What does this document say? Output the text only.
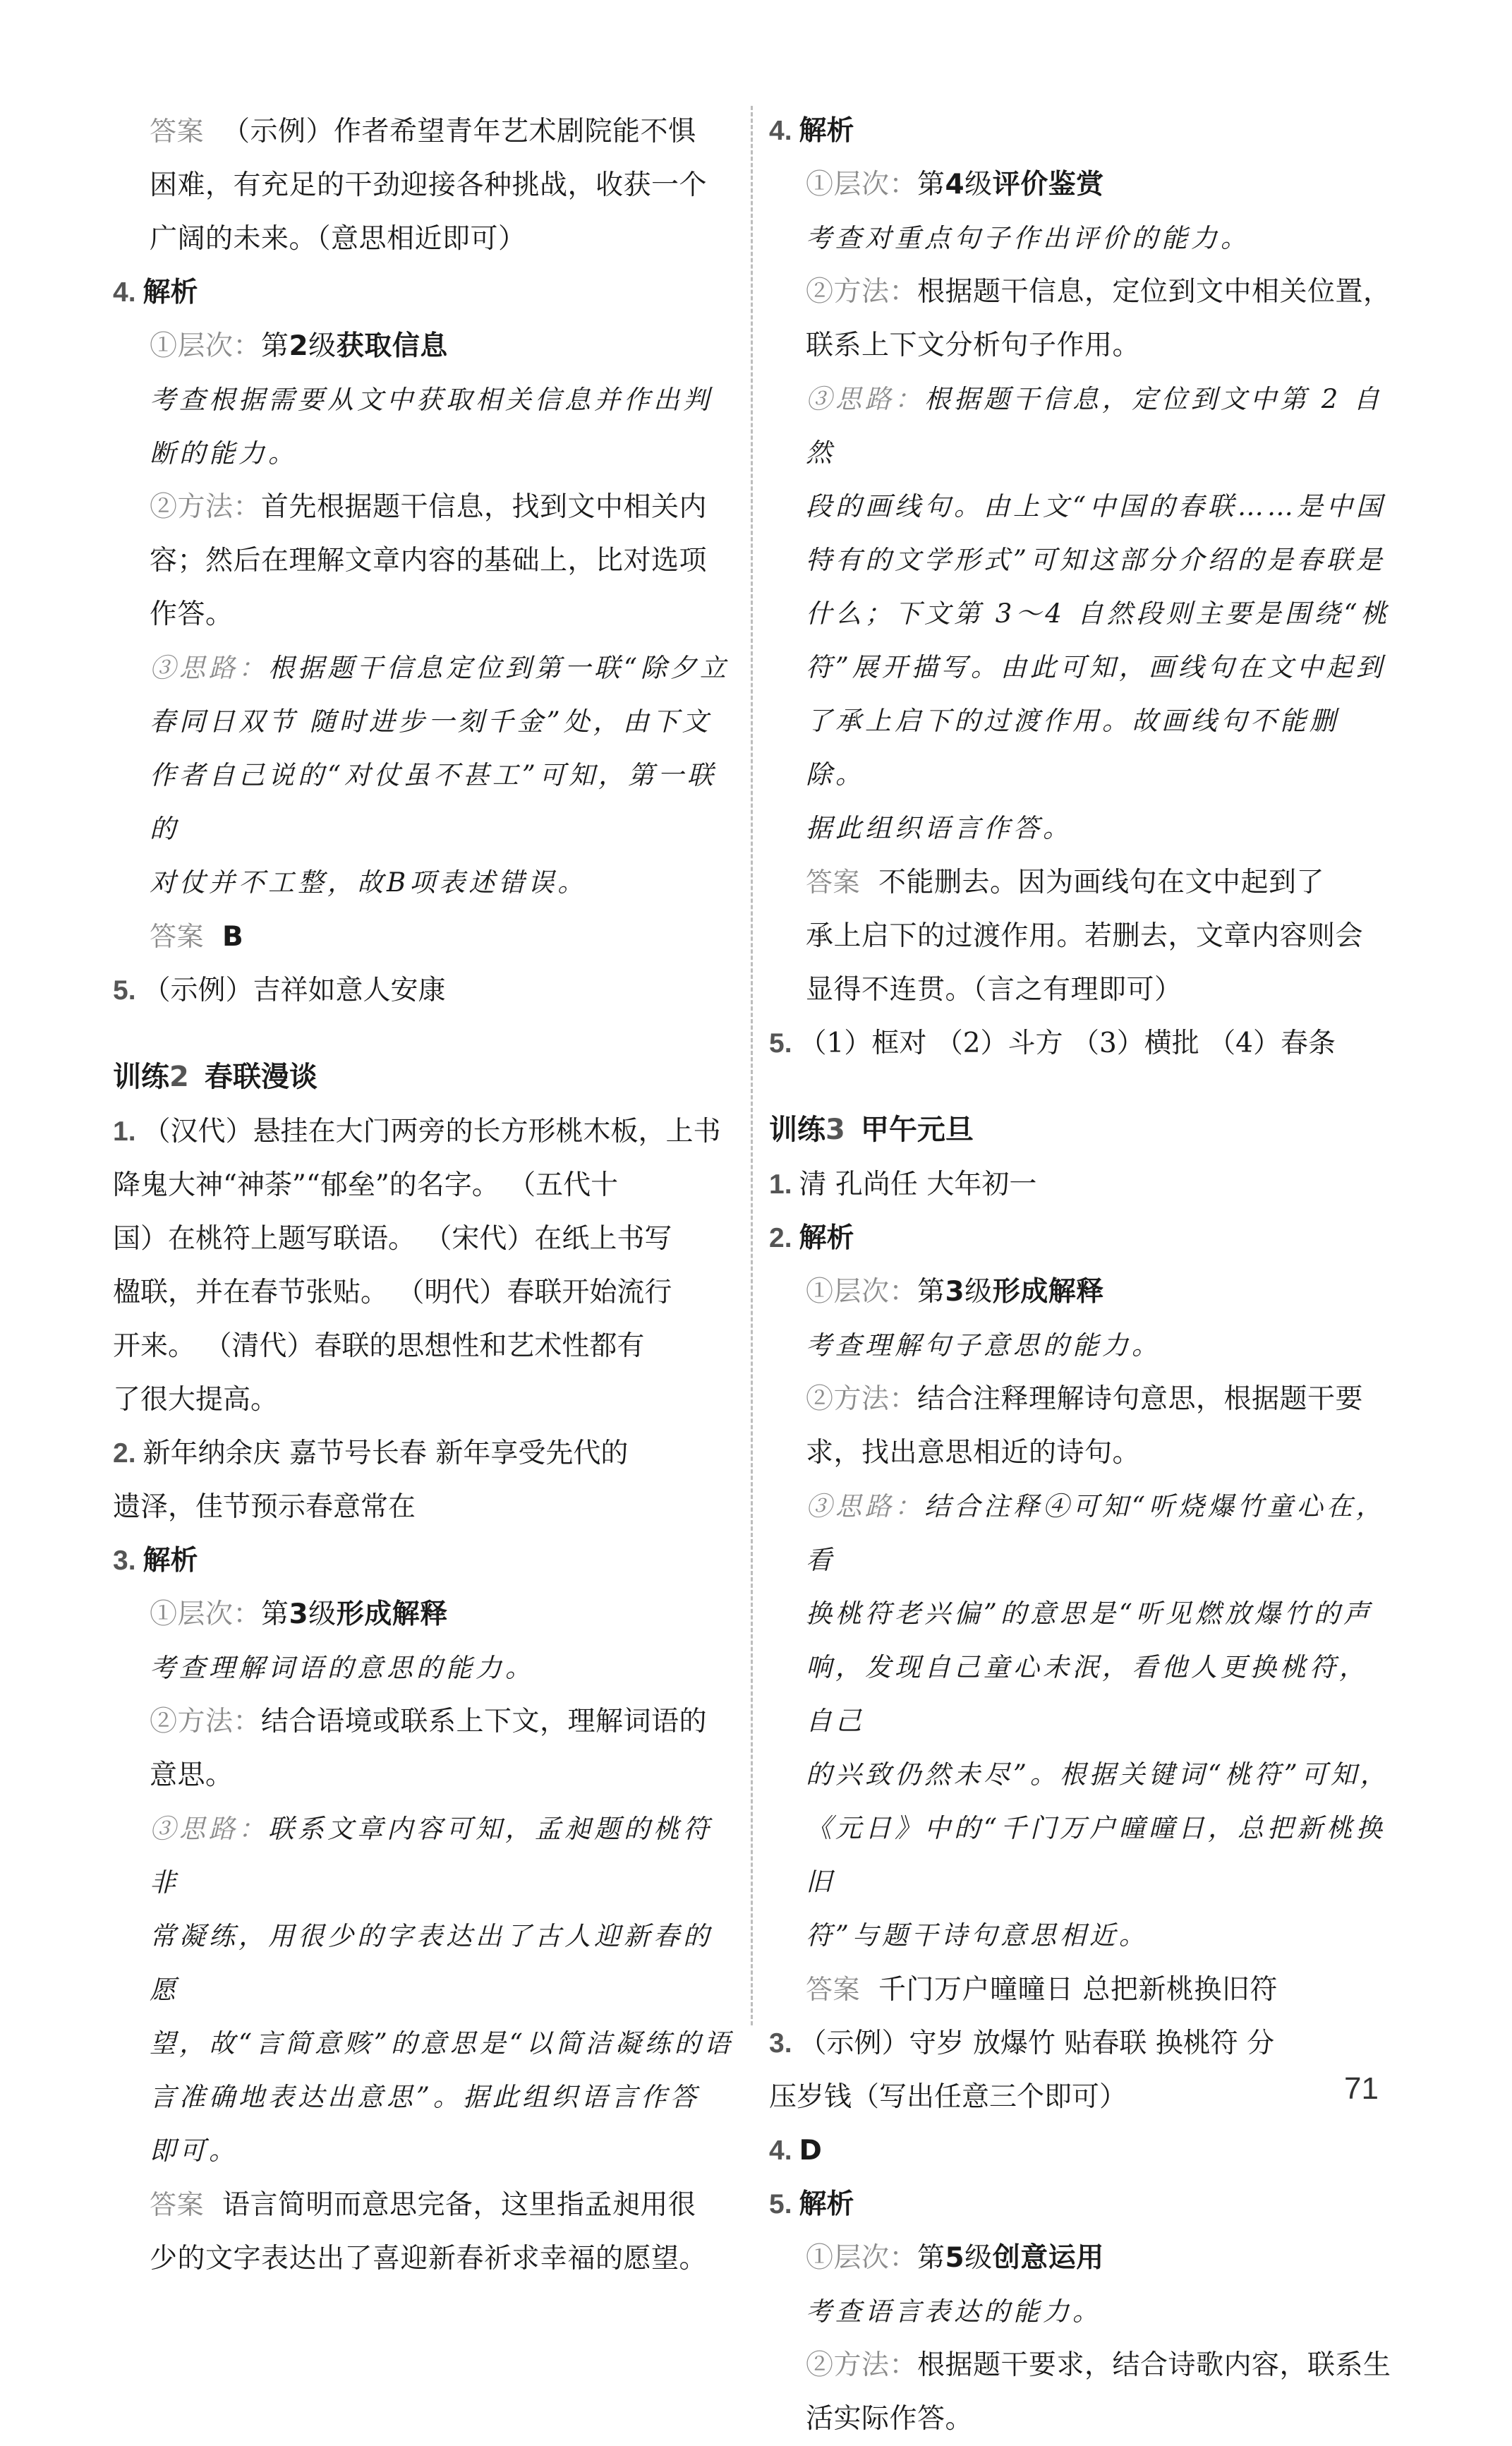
答案 （示例）作者希望青年艺术剧院能不惧

困难，有充足的干劲迎接各种挑战，收获一个

广阔的未来。（意思相近即可）

4. 解析

①层次：第2级获取信息

考查根据需要从文中获取相关信息并作出判

断的能力。

②方法：首先根据题干信息，找到文中相关内

容；然后在理解文章内容的基础上，比对选项

作答。

③思路：根据题干信息定位到第一联“除夕立

春同日双节 随时进步一刻千金”处，由下文

作者自己说的“对仗虽不甚工”可知，第一联的

对仗并不工整，故B项表述错误。

答案 B

5. （示例）吉祥如意人安康

训练2 春联漫谈

1. （汉代）悬挂在大门两旁的长方形桃木板，上书

降鬼大神“神荼”“郁垒”的名字。 （五代十

国）在桃符上题写联语。 （宋代）在纸上书写

楹联，并在春节张贴。 （明代）春联开始流行

开来。 （清代）春联的思想性和艺术性都有

了很大提高。

2. 新年纳余庆 嘉节号长春 新年享受先代的

遗泽，佳节预示春意常在

3. 解析

①层次：第3级形成解释

考查理解词语的意思的能力。

②方法：结合语境或联系上下文，理解词语的

意思。

③思路：联系文章内容可知，孟昶题的桃符非

常凝练，用很少的字表达出了古人迎新春的愿

望，故“言简意赅”的意思是“以简洁凝练的语

言准确地表达出意思”。据此组织语言作答

即可。

答案 语言简明而意思完备，这里指孟昶用很

少的文字表达出了喜迎新春祈求幸福的愿望。

4. 解析

①层次：第4级评价鉴赏

考查对重点句子作出评价的能力。

②方法：根据题干信息，定位到文中相关位置，

联系上下文分析句子作用。

③思路：根据题干信息，定位到文中第 2 自然

段的画线句。由上文“中国的春联……是中国

特有的文学形式”可知这部分介绍的是春联是

什么；下文第 3～4 自然段则主要是围绕“桃

符”展开描写。由此可知，画线句在文中起到

了承上启下的过渡作用。故画线句不能删除。

据此组织语言作答。

答案 不能删去。因为画线句在文中起到了

承上启下的过渡作用。若删去，文章内容则会

显得不连贯。（言之有理即可）

5. （1）框对 （2）斗方 （3）横批 （4）春条

训练3 甲午元旦

1. 清 孔尚任 大年初一

2. 解析

①层次：第3级形成解释

考查理解句子意思的能力。

②方法：结合注释理解诗句意思，根据题干要

求，找出意思相近的诗句。

③思路：结合注释④可知“听烧爆竹童心在，看

换桃符老兴偏”的意思是“听见燃放爆竹的声

响，发现自己童心未泯，看他人更换桃符，自己

的兴致仍然未尽”。根据关键词“桃符”可知，

《元日》中的“千门万户曈曈日，总把新桃换旧

符”与题干诗句意思相近。

答案 千门万户曈曈日 总把新桃换旧符

3. （示例）守岁 放爆竹 贴春联 换桃符 分

压岁钱（写出任意三个即可）

4. D

5. 解析

①层次：第5级创意运用

考查语言表达的能力。

②方法：根据题干要求，结合诗歌内容，联系生

活实际作答。

71
